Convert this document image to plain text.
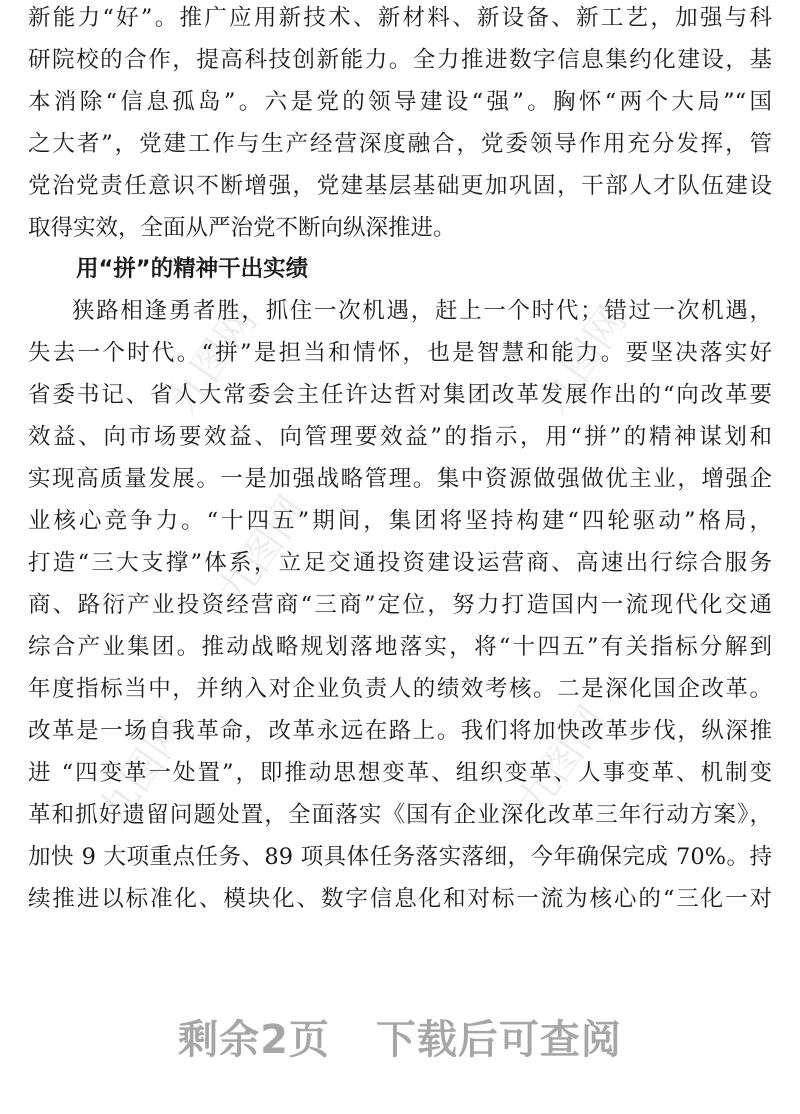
九图网	九图网
九图网
九图网	九图网
新能力“好”。推广应用新技术、新材料、新设备、新工艺，加强与科
研院校的合作，提高科技创新能力。全力推进数字信息集约化建设，基
本消除“信息孤岛”。六是党的领导建设“强”。胸怀“两个大局”“国
之大者”，党建工作与生产经营深度融合，党委领导作用充分发挥，管
党治党责任意识不断增强，党建基层基础更加巩固，干部人才队伍建设
取得实效，全面从严治党不断向纵深推进。
用“拼”的精神干出实绩
狭路相逢勇者胜，抓住一次机遇，赶上一个时代；错过一次机遇，
失去一个时代。“拼”是担当和情怀，也是智慧和能力。要坚决落实好
省委书记、省人大常委会主任许达哲对集团改革发展作出的“向改革要
效益、向市场要效益、向管理要效益”的指示，用“拼”的精神谋划和
实现高质量发展。一是加强战略管理。集中资源做强做优主业，增强企
业核心竞争力。“十四五”期间，集团将坚持构建“四轮驱动”格局，
打造“三大支撑”体系，立足交通投资建设运营商、高速出行综合服务
商、路衍产业投资经营商“三商”定位，努力打造国内一流现代化交通
综合产业集团。推动战略规划落地落实，将“十四五”有关指标分解到
年度指标当中，并纳入对企业负责人的绩效考核。二是深化国企改革。
改革是一场自我革命，改革永远在路上。我们将加快改革步伐，纵深推
进 “四变革一处置”，即推动思想变革、组织变革、人事变革、机制变
革和抓好遗留问题处置，全面落实《国有企业深化改革三年行动方案》，
加快 9 大项重点任务、89 项具体任务落实落细，今年确保完成 70%。持
续推进以标准化、模块化、数字信息化和对标一流为核心的“三化一对
剩余2页 下载后可查阅
